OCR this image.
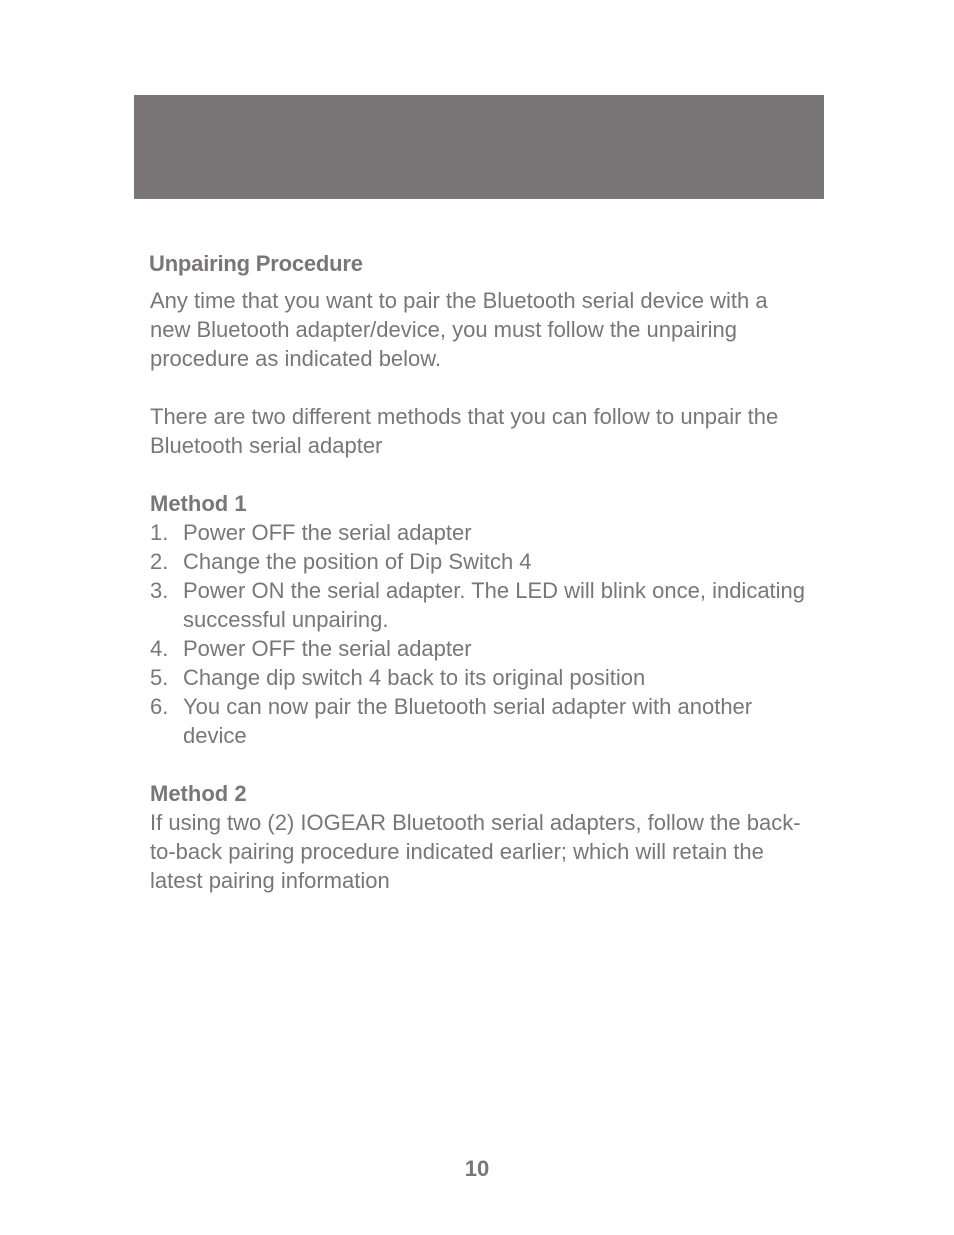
Unpairing Procedure

Any time that you want to pair the Bluetooth serial device with a new Bluetooth adapter/device, you must follow the unpairing procedure as indicated below.

There are two different methods that you can follow to unpair the Bluetooth serial adapter

Method 1
1. Power OFF the serial adapter
2. Change the position of Dip Switch 4
3. Power ON the serial adapter. The LED will blink once, indicating successful unpairing.
4. Power OFF the serial adapter
5. Change dip switch 4 back to its original position
6. You can now pair the Bluetooth serial adapter with another device
Method 2

If using two (2) IOGEAR Bluetooth serial adapters, follow the back-to-back pairing procedure indicated earlier; which will retain the latest pairing information

10
